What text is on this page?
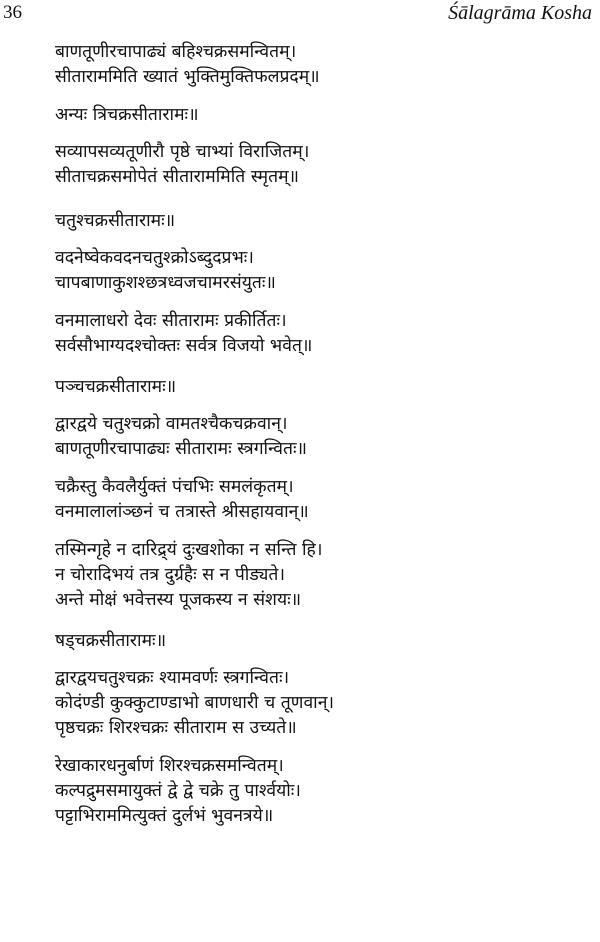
36	Śālagrāma Kosha
बाणतूणीरचापाढ्यं बहिश्चक्रसमन्वितम्।
सीताराममिति ख्यातं भुक्तिमुक्तिफलप्रदम्॥
अन्यः त्रिचक्रसीतारामः॥
सव्यापसव्यतूणीरौ पृष्ठे चाभ्यां विराजितम्।
सीताचक्रसमोपेतं सीताराममिति स्मृतम्॥
चतुश्चक्रसीतारामः॥
वदनेष्वेकवदनचतुश्क्रोऽब्दुदप्रभः।
चापबाणाकुशश्छत्रध्वजचामरसंयुतः॥
वनमालाधरो देवः सीतारामः प्रकीर्तितः।
सर्वसौभाग्यदश्चोक्तः सर्वत्र विजयो भवेत्॥
पञ्चचक्रसीतारामः॥
द्वारद्वये चतुश्चक्रो वामतश्चैकचक्रवान्।
बाणतूणीरचापाढ्यः सीतारामः स्त्रगन्वितः॥
चक्रैस्तु कैवलैर्युक्तं पंचभिः समलंकृतम्।
वनमालालांञ्छनं च तत्रास्ते श्रीसहायवान्॥
तस्मिन्गृहे न दारिद्र्यं दुःखशोका न सन्ति हि।
न चोरादिभयं तत्र दुर्ग्रहैः स न पीड्यते।
अन्ते मोक्षं भवेत्तस्य पूजकस्य न संशयः॥
षड्चक्रसीतारामः॥
द्वारद्वयचतुश्चक्रः श्यामवर्णः स्त्रगन्वितः।
कोदंण्डी कुक्कुटाण्डाभो बाणधारी च तूणवान्।
पृष्ठचक्रः शिरश्चक्रः सीताराम स उच्यते॥
रेखाकारधनुर्बाणं शिरश्चक्रसमन्वितम्।
कल्पद्रुमसमायुक्तं द्वे द्वे चक्रे तु पार्श्वयोः।
पट्टाभिराममित्युक्तं दुर्लभं भुवनत्रये॥
